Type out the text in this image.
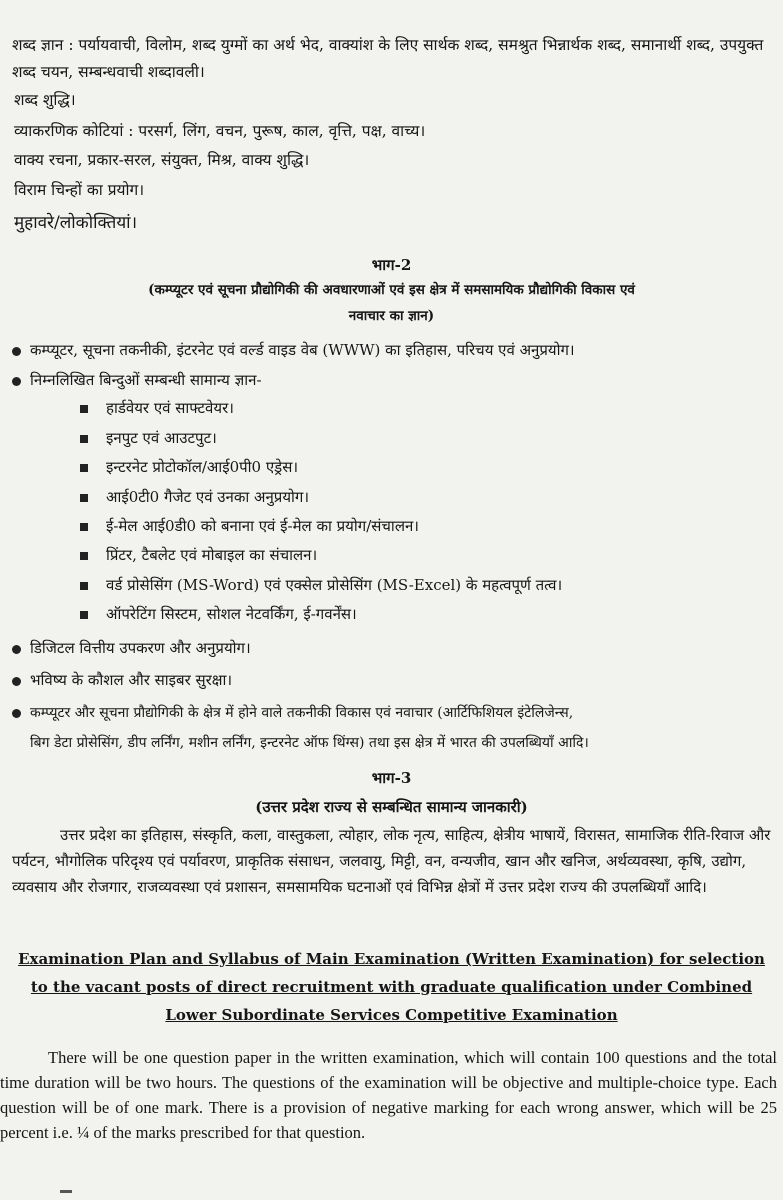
शब्द ज्ञान : पर्यायवाची, विलोम, शब्द युग्मों का अर्थ भेद, वाक्यांश के लिए सार्थक शब्द, समश्रुत भिन्नार्थक शब्द, समानार्थी शब्द, उपयुक्त शब्द चयन, सम्बन्धवाची शब्दावली।
शब्द शुद्धि।
व्याकरणिक कोटियां : परसर्ग, लिंग, वचन, पुरूष, काल, वृत्ति, पक्ष, वाच्य।
वाक्य रचना, प्रकार-सरल, संयुक्त, मिश्र, वाक्य शुद्धि।
विराम चिन्हों का प्रयोग।
मुहावरे/लोकोक्तियां।
भाग-2
(कम्प्यूटर एवं सूचना प्रौद्योगिकी की अवधारणाओं एवं इस क्षेत्र में समसामयिक प्रौद्योगिकी विकास एवं
नवाचार का ज्ञान)
कम्प्यूटर, सूचना तकनीकी, इंटरनेट एवं वर्ल्ड वाइड वेब (WWW) का इतिहास, परिचय एवं अनुप्रयोग।
निम्नलिखित बिन्दुओं सम्बन्धी सामान्य ज्ञान-
हार्डवेयर एवं साफ्टवेयर।
इनपुट एवं आउटपुट।
इन्टरनेट प्रोटोकॉल/आई0पी0 एड्रेस।
आई0टी0 गैजेट एवं उनका अनुप्रयोग।
ई-मेल आई0डी0 को बनाना एवं ई-मेल का प्रयोग/संचालन।
प्रिंटर, टैबलेट एवं मोबाइल का संचालन।
वर्ड प्रोसेसिंग (MS-Word) एवं एक्सेल प्रोसेसिंग (MS-Excel) के महत्वपूर्ण तत्व।
ऑपरेटिंग सिस्टम, सोशल नेटवर्किंग, ई-गवर्नेंस।
डिजिटल वित्तीय उपकरण और अनुप्रयोग।
भविष्य के कौशल और साइबर सुरक्षा।
कम्प्यूटर और सूचना प्रौद्योगिकी के क्षेत्र में होने वाले तकनीकी विकास एवं नवाचार (आर्टिफिशियल इंटेलिजेन्स,
बिग डेटा प्रोसेसिंग, डीप लर्निंग, मशीन लर्निंग, इन्टरनेट ऑफ थिंग्स) तथा इस क्षेत्र में भारत की उपलब्धियाँ आदि।
भाग-3
(उत्तर प्रदेश राज्य से सम्बन्धित सामान्य जानकारी)
उत्तर प्रदेश का इतिहास, संस्कृति, कला, वास्तुकला, त्योहार, लोक नृत्य, साहित्य, क्षेत्रीय भाषायें, विरासत, सामाजिक रीति-रिवाज और पर्यटन, भौगोलिक परिदृश्य एवं पर्यावरण, प्राकृतिक संसाधन, जलवायु, मिट्टी, वन, वन्यजीव, खान और खनिज, अर्थव्यवस्था, कृषि, उद्योग, व्यवसाय और रोजगार, राजव्यवस्था एवं प्रशासन, समसामयिक घटनाओं एवं विभिन्न क्षेत्रों में उत्तर प्रदेश राज्य की उपलब्धियाँ आदि।
Examination Plan and Syllabus of Main Examination (Written Examination) for selection
to the vacant posts of direct recruitment with graduate qualification under Combined
Lower Subordinate Services Competitive Examination
There will be one question paper in the written examination, which will contain 100 questions and the total time duration will be two hours. The questions of the examination will be objective and multiple-choice type. Each question will be of one mark. There is a provision of negative marking for each wrong answer, which will be 25 percent i.e. ¼ of the marks prescribed for that question.
